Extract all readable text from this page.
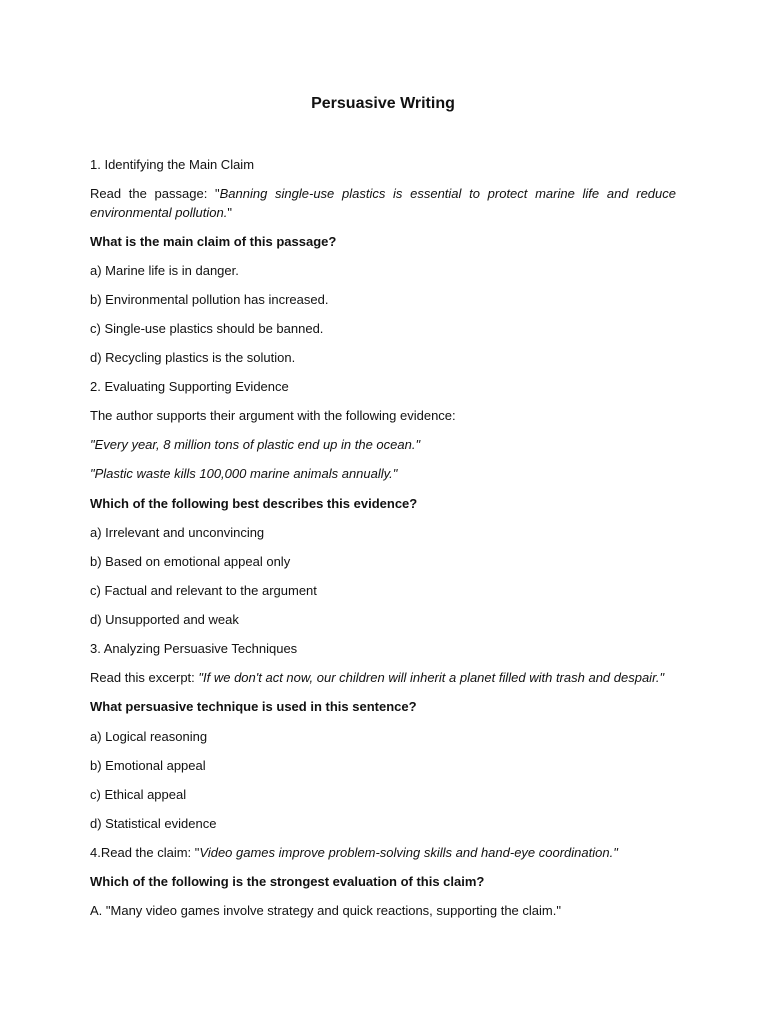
Persuasive Writing
1. Identifying the Main Claim
Read the passage: "Banning single-use plastics is essential to protect marine life and reduce
environmental pollution."
What is the main claim of this passage?
a) Marine life is in danger.
b) Environmental pollution has increased.
c) Single-use plastics should be banned.
d) Recycling plastics is the solution.
2. Evaluating Supporting Evidence
The author supports their argument with the following evidence:
"Every year, 8 million tons of plastic end up in the ocean."
"Plastic waste kills 100,000 marine animals annually."
Which of the following best describes this evidence?
a) Irrelevant and unconvincing
b) Based on emotional appeal only
c) Factual and relevant to the argument
d) Unsupported and weak
3. Analyzing Persuasive Techniques
Read this excerpt: "If we don't act now, our children will inherit a planet filled with trash and despair."
What persuasive technique is used in this sentence?
a) Logical reasoning
b) Emotional appeal
c) Ethical appeal
d) Statistical evidence
4.Read the claim: "Video games improve problem-solving skills and hand-eye coordination."
Which of the following is the strongest evaluation of this claim?
A. "Many video games involve strategy and quick reactions, supporting the claim."
